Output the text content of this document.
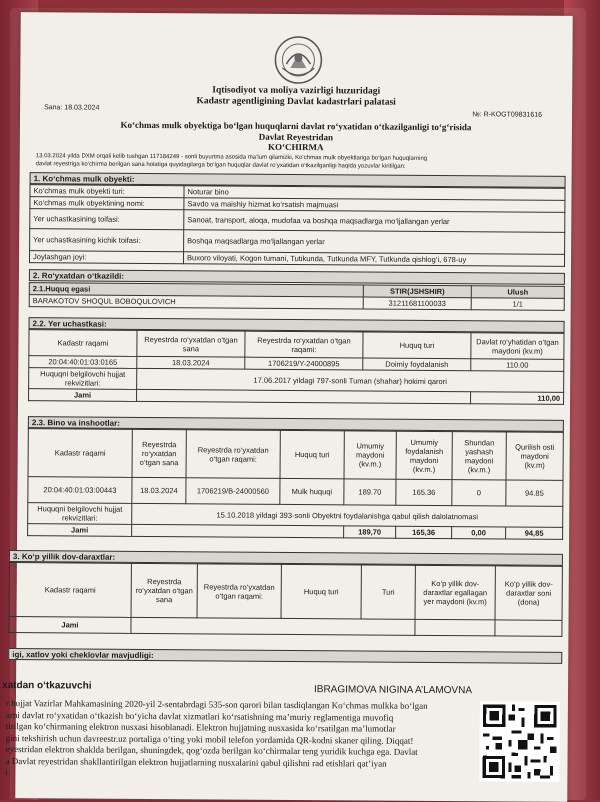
Iqtisodiyot va moliya vazirligi huzuridagi
Kadastr agentligining Davlat kadastrlari palatasi
Sana: 18.03.2024
№: R-KOGT09831616
Ko‘chmas mulk obyektiga bo‘lgan huquqlarni davlat ro‘yxatidan o‘tkazilganligi to‘g‘risida
Davlat Reyestridan
KO‘CHIRMA
13.03.2024 yilda DXM orqali kelib tushgan 117184249 - sonli buyurtma asosida ma’lum qilamizki, Ko‘chmas mulk obyektlariga bo‘lgan huquqlarning
davlat reyestriga ko‘chirma berilgan sana holatiga quyidagilarga bo‘lgan huquqlar davlat ro‘yxatidan o‘tkazilganligi haqida yozuvlar kiritilgan:
1. Ko‘chmas mulk obyekti:
Ko‘chmas mulk obyekti turi:	Noturar bino
Ko‘chmas mulk obyektining nomi:	Savdo va maishiy hizmat ko‘rsatish majmuasi
Yer uchastkasining toifasi:	Sanoat, transport, aloqa, mudofaa va boshqa maqsadlarga mo‘ljallangan yerlar
Yer uchastkasining kichik toifasi:	Boshqa maqsadlarga mo‘ljallangan yerlar
Joylashgan joyi:	Buxoro viloyati, Kogon tumani, Tutikunda, Tutkunda MFY, Tutkunda qishlog‘i, 678-uy
2. Ro‘yxatdan o‘tkazildi:
2.1.Huquq egasi	STIR(JSHSHIR)	Ulush
BARAKOTOV SHOQUL BOBOQULOVICH	31211681100033	1/1
2.2. Yer uchastkasi:
Kadastr raqami	Reyestrda ro‘yxatdan o‘tgan sana	Reyestrda ro‘yxatdan o‘tgan raqami:	Huquq turi	Davlat ro‘yhatidan o‘tgan maydoni (kv.m)
20:04:40:01:03:0165	18.03.2024	1706219/Y-24000895	Doimiy foydalanish	110.00
Huquqni belgilovchi hujjat rekvizitlari:	17.06.2017 yildagi 797-sonli Tuman (shahar) hokimi qarori			
Jami				110,00
2.3. Bino va inshootlar:
Kadastr raqami	Reyestrda ro‘yxatdan o‘tgan sana	Reyestrda ro‘yxatdan o‘tgan raqami:	Huquq turi	Umumiy maydoni (kv.m.)	Umumiy foydalanish maydoni (kv.m.)	Shundan yashash maydoni (kv.m.)	Qurilish osti maydoni (kv.m)
20:04:40:01:03:00443	18.03.2024	1706219/B-24000560	Mulk huquqi	189.70	165.36	0	94.85
Huquqni belgilovchi hujjat rekvizitlari:	15.10.2018 yildagi 393-sonli Obyektni foydalanishga qabul qilish dalolatnomasi						
Jami				189,70	165,36	0,00	94,85
3. Ko‘p yillik dov-daraxtlar:
Kadastr raqami	Reyestrda ro‘yxatdan o‘tgan sana	Reyestrda ro‘yxatdan o‘tgan raqami:	Huquq turi	Turi	Ko‘p yillik dov-daraxtlar egallagan yer maydoni (kv.m)	Ko‘p yillik dov-daraxtlar soni (dona)
Jami						
igi, xatlov yoki cheklovlar mavjudligi:
xatdan o‘tkazuvchi	IBRAGIMOVA NIGINA A’LAMOVNA
r hujjat Vazirlar Mahkamasining 2020-yil 2-sentabrdagi 535-son qarori bilan tasdiqlangan Ko‘chmas mulkka bo‘lgan
arni davlat ro‘yxatidan o‘tkazish bo‘yicha davlat xizmatlari ko‘rsatishning ma’muriy reglamentiga muvofiq
tirilgan ko‘chirmaning elektron nusxasi hisoblanadi. Elektron hujjatning nusxasida ko‘rsatilgan ma’lumotlar
gini tekshirish uchun davreestr.uz portaliga o‘ting yoki mobil telefon yordamida QR-kodni skaner qiling. Diqqat!
eyestridan elektron shaklda berilgan, shuningdek, qog‘ozda berilgan ko‘chirmalar teng yuridik kuchga ega. Davlat
a Davlat reyestridan shakllantirilgan elektron hujjatlarning nusxalarini qabul qilishni rad etishlari qat’iyan
i.
